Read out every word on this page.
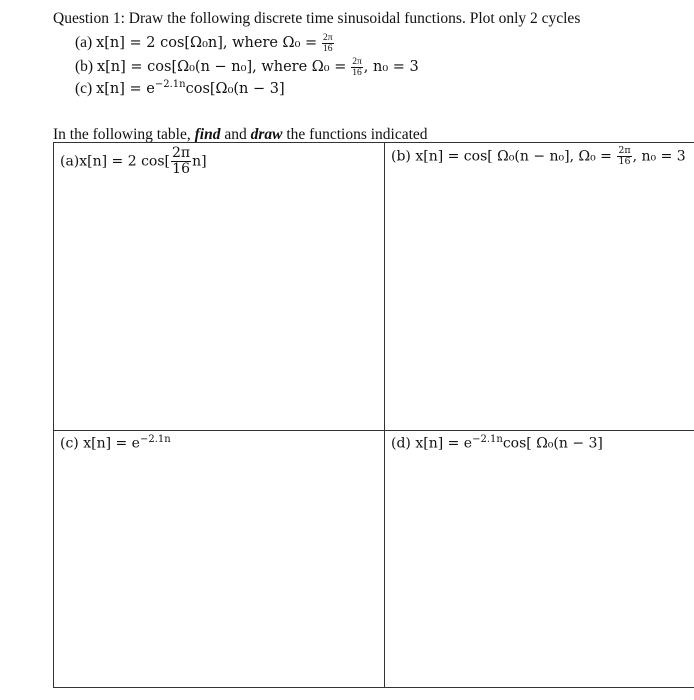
Question 1: Draw the following discrete time sinusoidal functions. Plot only 2 cycles
(a) x[n] = 2 cos[Ω₀n], where $\Omega_0 = \frac{2\pi}{16}$
(b) x[n] = cos[Ω₀(n − n₀], where $\Omega_0 = \frac{2\pi}{16}$ , n₀ = 3
(c) $x[n] = e^{-2.1n}\cos[\Omega_0(n - 3]$
In the following table, find and draw the functions indicated
(a)x[n] = 2 $\cos[ \frac{2\pi}{16} n]$	(b) x[n] = cos[ Ω₀(n − n₀], $\Omega_0 = \frac{2\pi}{16}$ , n₀ = 3
(c) $x[n] = e^{-2.1n}$	(d) $x[n] = e^{-2.1n}\cos$[ Ω₀(n − 3]
